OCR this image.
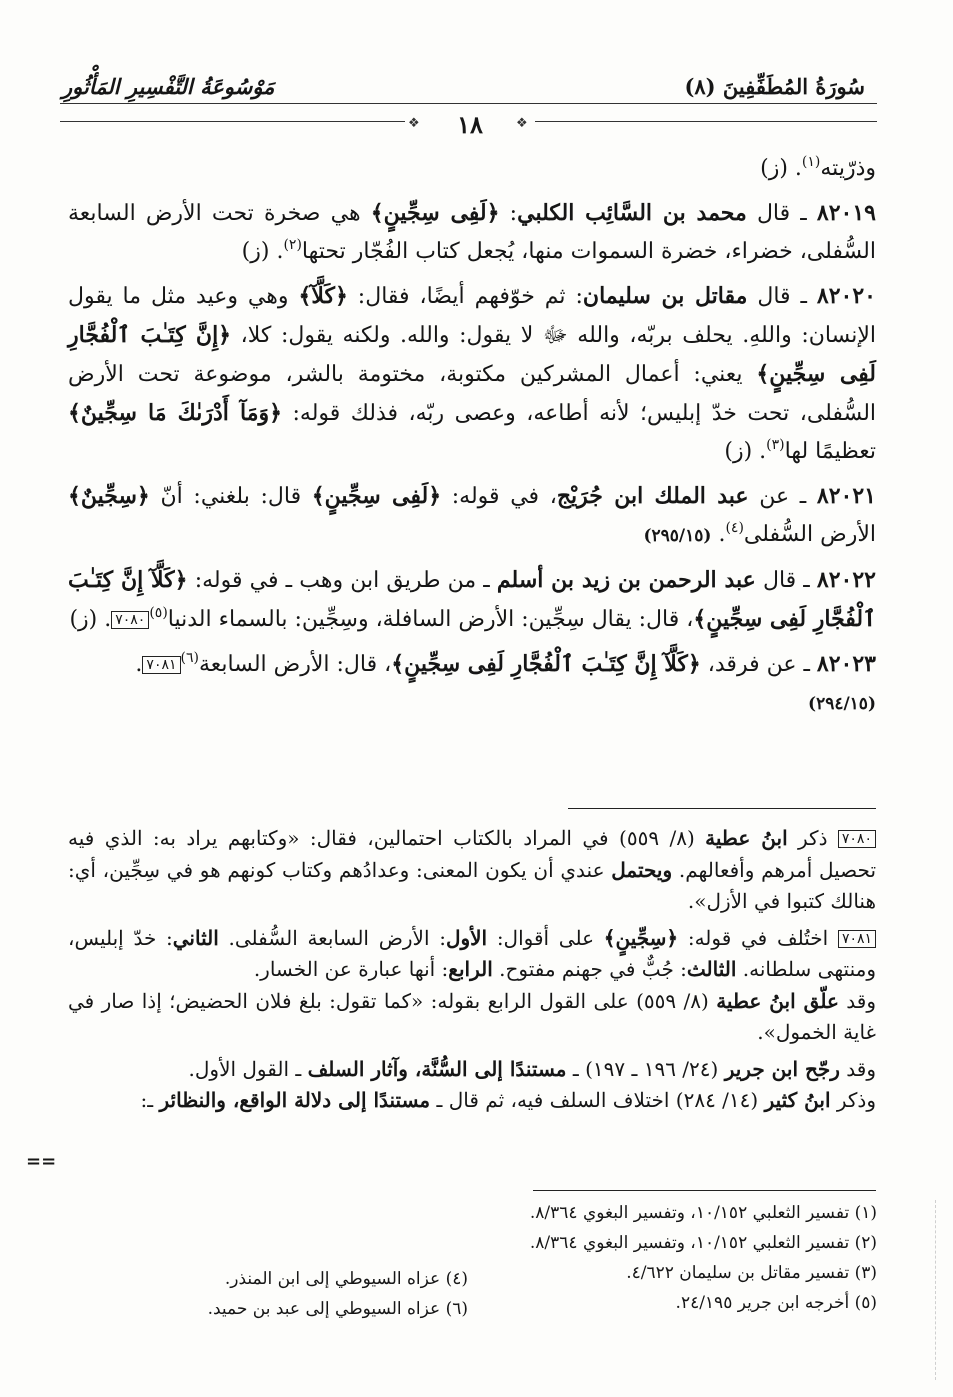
سُورَةُ المُطَفِّفِينَ (٨)
مَوْسُوعَةُ التَّفْسِيرِ المَأْثُورِ
❖	❖
١٨

وذرّيته$^{(١)}$. (ز)

٨٢٠١٩ ـ قال محمد بن السَّائِب الكلبي: ﴿لَفِى سِجِّينٍ﴾ هي صخرة تحت الأرض السابعة السُّفلى، خضراء، خضرة السموات منها، يُجعل كتاب الفُجّار تحتها$^{(٢)}$. (ز)

٨٢٠٢٠ ـ قال مقاتل بن سليمان: ثم خوّفهم أيضًا، فقال: ﴿كَلَّآ﴾ وهي وعيد مثل ما يقول الإنسان: واللهِ. يحلف بربّه، والله ﷻ لا يقول: والله. ولكنه يقول: كلا، ﴿إِنَّ كِتَـٰبَ ٱلْفُجَّارِ لَفِى سِجِّينٍ﴾ يعني: أعمال المشركين مكتوبة، مختومة بالشر، موضوعة تحت الأرض السُّفلى، تحت خدّ إبليس؛ لأنه أطاعه، وعصى ربّه، فذلك قوله: ﴿وَمَآ أَدْرَىٰكَ مَا سِجِّينٌ﴾ تعظيمًا لها$^{(٣)}$. (ز)

٨٢٠٢١ ـ عن عبد الملك ابن جُرَيْج، في قوله: ﴿لَفِى سِجِّينٍ﴾ قال: بلغني: أنّ ﴿سِجِّينٌ﴾ الأرض السُّفلى$^{(٤)}$. (٢٩٥/١٥)

٨٢٠٢٢ ـ قال عبد الرحمن بن زيد بن أسلم ـ من طريق ابن وهب ـ في قوله: ﴿كَلَّآ إِنَّ كِتَـٰبَ ٱلْفُجَّارِ لَفِى سِجِّينٍ﴾، قال: يقال سِجِّين: الأرض السافلة، وسِجِّين: بالسماء الدنيا$^{(٥)}$٧٠٨٠. (ز)

٨٢٠٢٣ ـ عن فرقد، ﴿كَلَّآ إِنَّ كِتَـٰبَ ٱلْفُجَّارِ لَفِى سِجِّينٍ﴾، قال: الأرض السابعة$^{(٦)}$٧٠٨١.
(٢٩٤/١٥)

٧٠٨٠ ذكر ابنُ عطية (٨/ ٥٥٩) في المراد بالكتاب احتمالين، فقال: «وكتابهم يراد به: الذي فيه تحصيل أمرهم وأفعالهم. ويحتمل عندي أن يكون المعنى: وعدادُهم وكتاب كونهم هو في سِجِّين، أي: هنالك كتبوا في الأزل».

٧٠٨١ اختُلف في قوله: ﴿سِجِّينٍ﴾ على أقوال: الأول: الأرض السابعة السُّفلى. الثاني: خدّ إبليس، ومنتهى سلطانه. الثالث: جُبٌّ في جهنم مفتوح. الرابع: أنها عبارة عن الخسار.
وقد علّق ابنُ عطية (٨/ ٥٥٩) على القول الرابع بقوله: «كما تقول: بلغ فلان الحضيض؛ إذا صار في غاية الخمول».

وقد رجّح ابن جرير (٢٤/ ١٩٦ ـ ١٩٧) ـ مستندًا إلى السُّنَّة، وآثار السلف ـ القول الأول.
وذكر ابنُ كثير (١٤/ ٢٨٤) اختلاف السلف فيه، ثم قال ـ مستندًا إلى دلالة الواقع، والنظائر ـ:

==
(١) تفسير الثعلبي ١٠/١٥٢، وتفسير البغوي ٨/٣٦٤.
(٢) تفسير الثعلبي ١٠/١٥٢، وتفسير البغوي ٨/٣٦٤.
(٣) تفسير مقاتل بن سليمان ٤/٦٢٢.
(٥) أخرجه ابن جرير ٢٤/١٩٥.
(٤) عزاه السيوطي إلى ابن المنذر.
(٦) عزاه السيوطي إلى عبد بن حميد.
